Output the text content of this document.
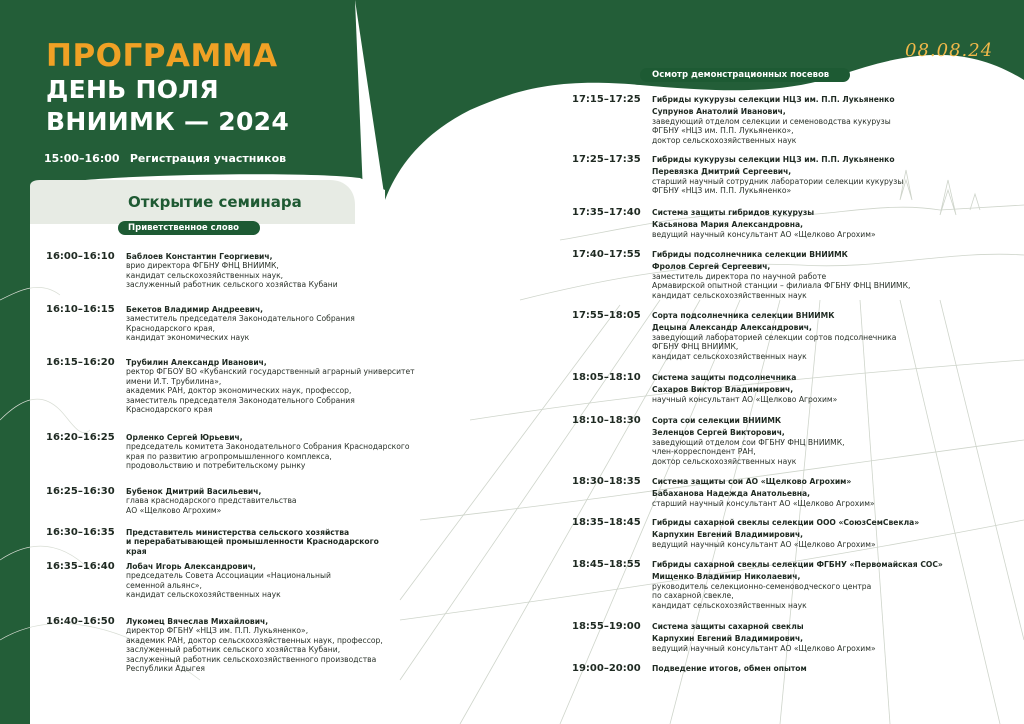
ПРОГРАММА
ДЕНЬ ПОЛЯ
ВНИИМК — 2024
08.08.24
15:00–16:00 Регистрация участников
Открытие семинара
Приветственное слово
Осмотр демонстрационных посевов
16:00–16:10 Баблоев Константин Георгиевич,
врио директора ФГБНУ ФНЦ ВНИИМК,
кандидат сельскохозяйственных наук,
заслуженный работник сельского хозяйства Кубани
16:10–16:15 Бекетов Владимир Андреевич,
заместитель председателя Законодательного Собрания
Краснодарского края,
кандидат экономических наук
16:15–16:20 Трубилин Александр Иванович,
ректор ФГБОУ ВО «Кубанский государственный аграрный университет
имени И.Т. Трубилина»,
академик РАН, доктор экономических наук, профессор,
заместитель председателя Законодательного Собрания
Краснодарского края
16:20–16:25 Орленко Сергей Юрьевич,
председатель комитета Законодательного Собрания Краснодарского
края по развитию агропромышленного комплекса,
продовольствию и потребительскому рынку
16:25–16:30 Бубенок Дмитрий Васильевич,
глава краснодарского представительства
АО «Щелково Агрохим»
16:30–16:35 Представитель министерства сельского хозяйства
и перерабатывающей промышленности Краснодарского края
16:35–16:40 Лобач Игорь Александрович,
председатель Совета Ассоциации «Национальный
семенной альянс»,
кандидат сельскохозяйственных наук
16:40–16:50 Лукомец Вячеслав Михайлович,
директор ФГБНУ «НЦЗ им. П.П. Лукьяненко»,
академик РАН, доктор сельскохозяйственных наук, профессор,
заслуженный работник сельского хозяйства Кубани,
заслуженный работник сельскохозяйственного производства
Республики Адыгея
17:15–17:25 Гибриды кукурузы селекции НЦЗ им. П.П. Лукьяненко
Супрунов Анатолий Иванович,
заведующий отделом селекции и семеноводства кукурузы
ФГБНУ «НЦЗ им. П.П. Лукьяненко»,
доктор сельскохозяйственных наук
17:25–17:35 Гибриды кукурузы селекции НЦЗ им. П.П. Лукьяненко
Перевязка Дмитрий Сергеевич,
старший научный сотрудник лаборатории селекции кукурузы
ФГБНУ «НЦЗ им. П.П. Лукьяненко»
17:35–17:40 Система защиты гибридов кукурузы
Касьянова Мария Александровна,
ведущий научный консультант АО «Щелково Агрохим»
17:40–17:55 Гибриды подсолнечника селекции ВНИИМК
Фролов Сергей Сергеевич,
заместитель директора по научной работе
Армавирской опытной станции – филиала ФГБНУ ФНЦ ВНИИМК,
кандидат сельскохозяйственных наук
17:55–18:05 Сорта подсолнечника селекции ВНИИМК
Децына Александр Александрович,
заведующий лабораторией селекции сортов подсолнечника
ФГБНУ ФНЦ ВНИИМК,
кандидат сельскохозяйственных наук
18:05–18:10 Система защиты подсолнечника
Сахаров Виктор Владимирович,
научный консультант АО «Щелково Агрохим»
18:10–18:30 Сорта сои селекции ВНИИМК
Зеленцов Сергей Викторович,
заведующий отделом сои ФГБНУ ФНЦ ВНИИМК,
член-корреспондент РАН,
доктор сельскохозяйственных наук
18:30–18:35 Система защиты сои АО «Щелково Агрохим»
Бабаханова Надежда Анатольевна,
старший научный консультант АО «Щелково Агрохим»
18:35–18:45 Гибриды сахарной свеклы селекции ООО «СоюзСемСвекла»
Карпухин Евгений Владимирович,
ведущий научный консультант АО «Щелково Агрохим»
18:45–18:55 Гибриды сахарной свеклы селекции ФГБНУ «Первомайская СОС»
Мищенко Владимир Николаевич,
руководитель селекционно-семеноводческого центра
по сахарной свекле,
кандидат сельскохозяйственных наук
18:55–19:00 Система защиты сахарной свеклы
Карпухин Евгений Владимирович,
ведущий научный консультант АО «Щелково Агрохим»
19:00–20:00 Подведение итогов, обмен опытом
